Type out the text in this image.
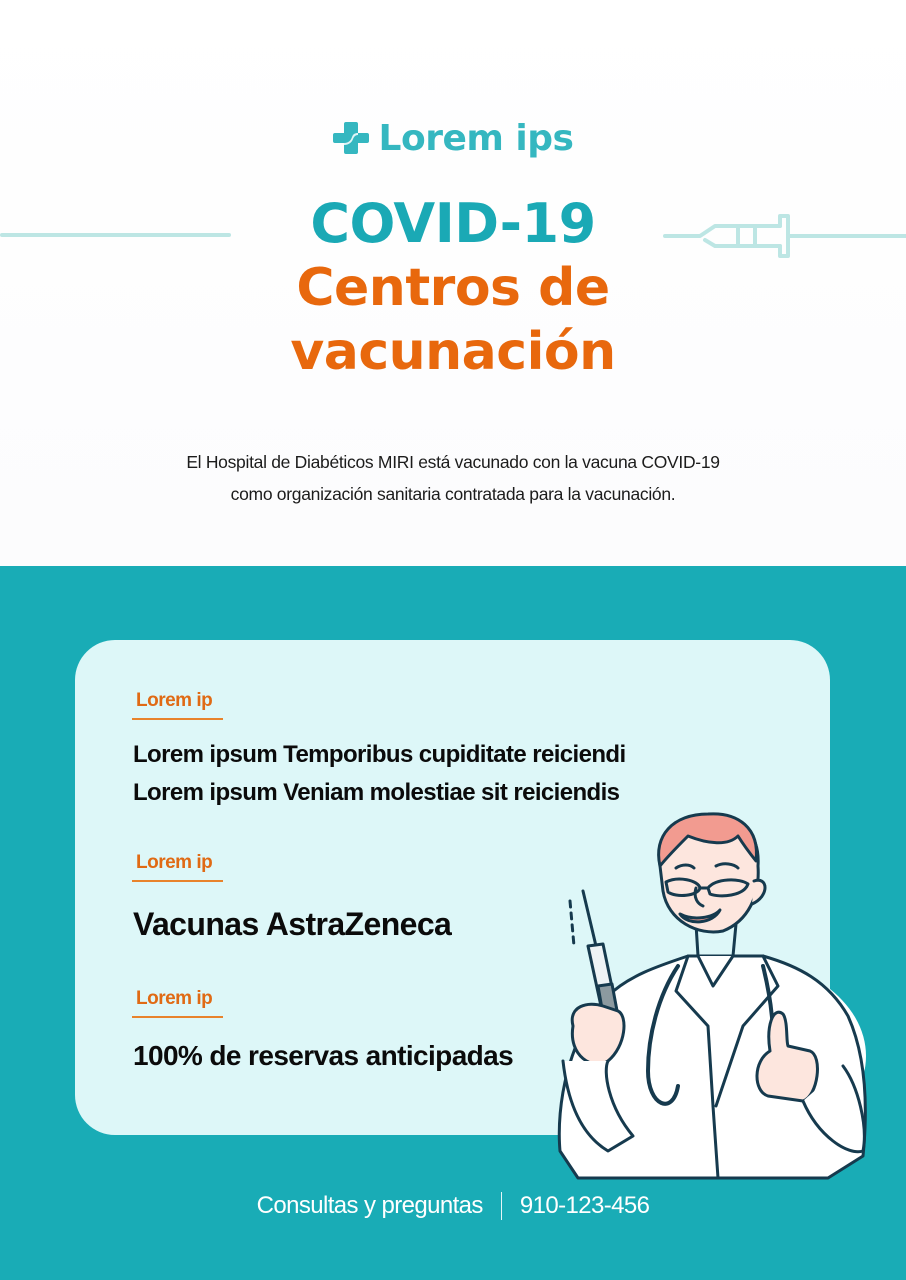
Lorem ips
COVID-19
Centros de
vacunación
El Hospital de Diabéticos MIRI está vacunado con la vacuna COVID-19
como organización sanitaria contratada para la vacunación.
Lorem ip
Lorem ipsum Temporibus cupiditate reiciendi
Lorem ipsum Veniam molestiae sit reiciendis
Lorem ip
Vacunas AstraZeneca
Lorem ip
100% de reservas anticipadas
Consultas y preguntas 910-123-456
